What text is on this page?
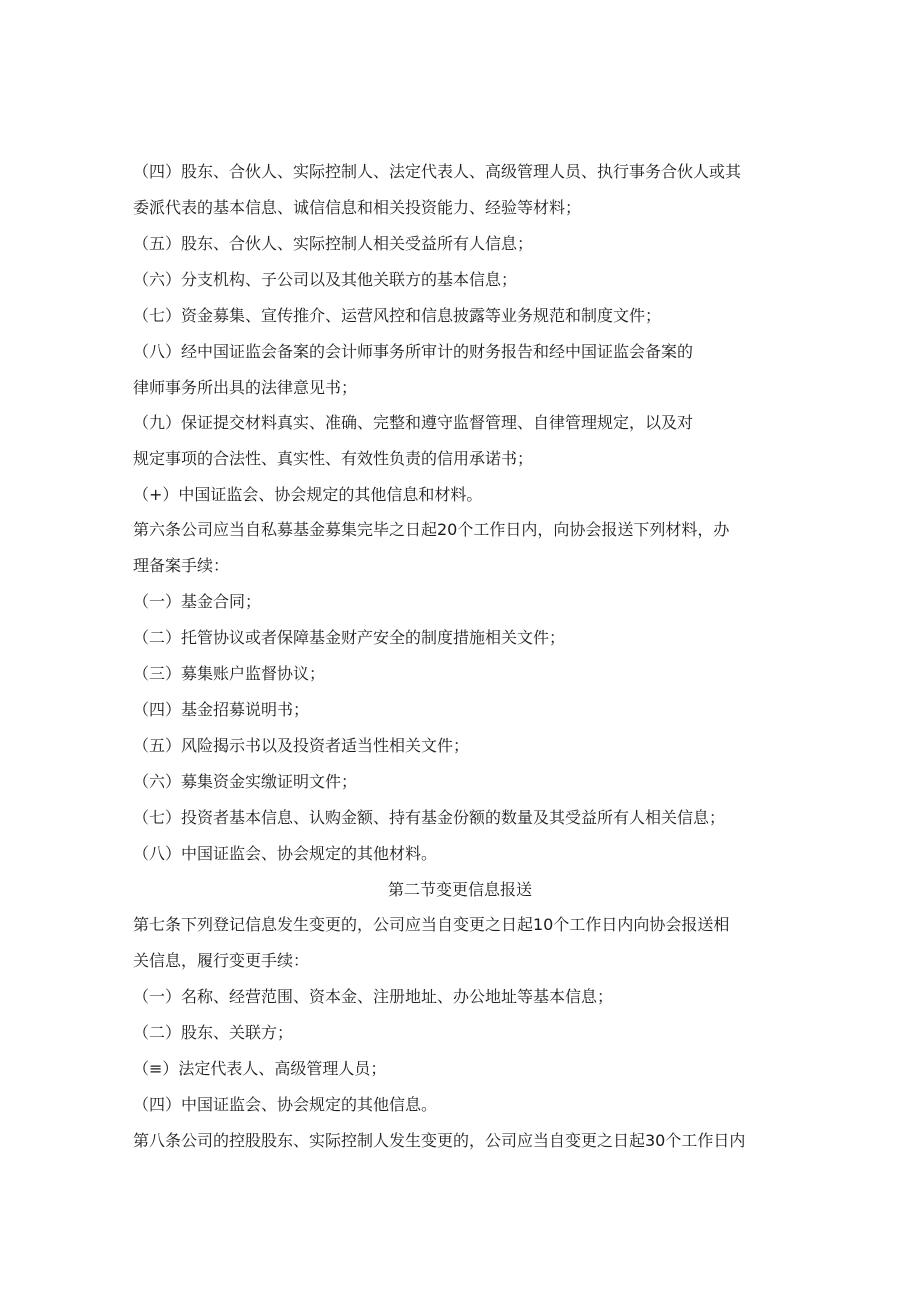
（四）股东、合伙人、实际控制人、法定代表人、高级管理人员、执行事务合伙人或其

委派代表的基本信息、诚信信息和相关投资能力、经验等材料；

（五）股东、合伙人、实际控制人相关受益所有人信息；

（六）分支机构、子公司以及其他关联方的基本信息；

（七）资金募集、宣传推介、运营风控和信息披露等业务规范和制度文件；

（八）经中国证监会备案的会计师事务所审计的财务报告和经中国证监会备案的

律师事务所出具的法律意见书；

（九）保证提交材料真实、准确、完整和遵守监督管理、自律管理规定，以及对

规定事项的合法性、真实性、有效性负责的信用承诺书；

（+）中国证监会、协会规定的其他信息和材料。

第六条公司应当自私募基金募集完毕之日起20个工作日内，向协会报送下列材料，办

理备案手续：

（一）基金合同；

（二）托管协议或者保障基金财产安全的制度措施相关文件；

（三）募集账户监督协议；

（四）基金招募说明书；

（五）风险揭示书以及投资者适当性相关文件；

（六）募集资金实缴证明文件；

（七）投资者基本信息、认购金额、持有基金份额的数量及其受益所有人相关信息；

（八）中国证监会、协会规定的其他材料。

第二节变更信息报送

第七条下列登记信息发生变更的，公司应当自变更之日起10个工作日内向协会报送相

关信息，履行变更手续：

（一）名称、经营范围、资本金、注册地址、办公地址等基本信息；

（二）股东、关联方；

（≡）法定代表人、高级管理人员；

（四）中国证监会、协会规定的其他信息。

第八条公司的控股股东、实际控制人发生变更的，公司应当自变更之日起30个工作日内
